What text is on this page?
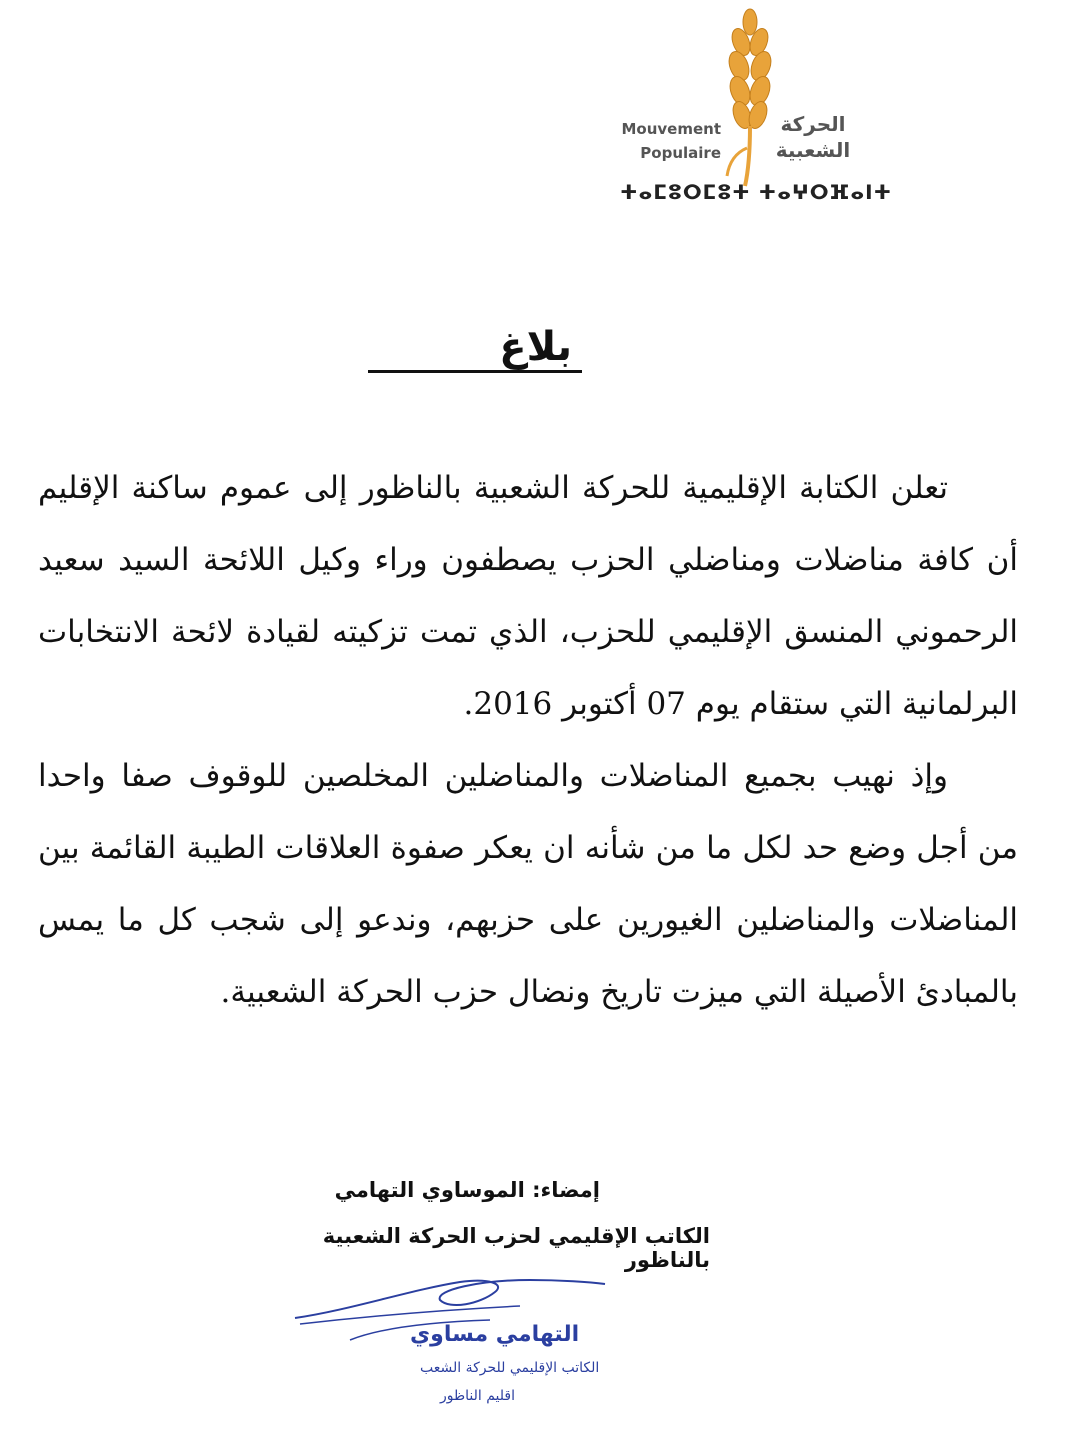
Mouvement
Populaire
الحركة
الشعبية
ⵜⴰⵎⵓⵔⵎⵓⵜ ⵜⴰⵖⵔⴼⴰⵏⵜ
بلاغ

تعلن الكتابة الإقليمية للحركة الشعبية بالناظور إلى عموم ساكنة الإقليم أن كافة مناضلات ومناضلي الحزب يصطفون وراء وكيل اللائحة السيد سعيد الرحموني المنسق الإقليمي للحزب، الذي تمت تزكيته لقيادة لائحة الانتخابات البرلمانية التي ستقام يوم 07 أكتوبر 2016.

وإذ نهيب بجميع المناضلات والمناضلين المخلصين للوقوف صفا واحدا من أجل وضع حد لكل ما من شأنه ان يعكر صفوة العلاقات الطيبة القائمة بين المناضلات والمناضلين الغيورين على حزبهم، وندعو إلى شجب كل ما يمس بالمبادئ الأصيلة التي ميزت تاريخ ونضال حزب الحركة الشعبية.

إمضاء: الموساوي التهامي
الكاتب الإقليمي لحزب الحركة الشعبية بالناظور
التهامي مساوي
الكاتب الإقليمي للحركة الشعب
اقليم الناظور
